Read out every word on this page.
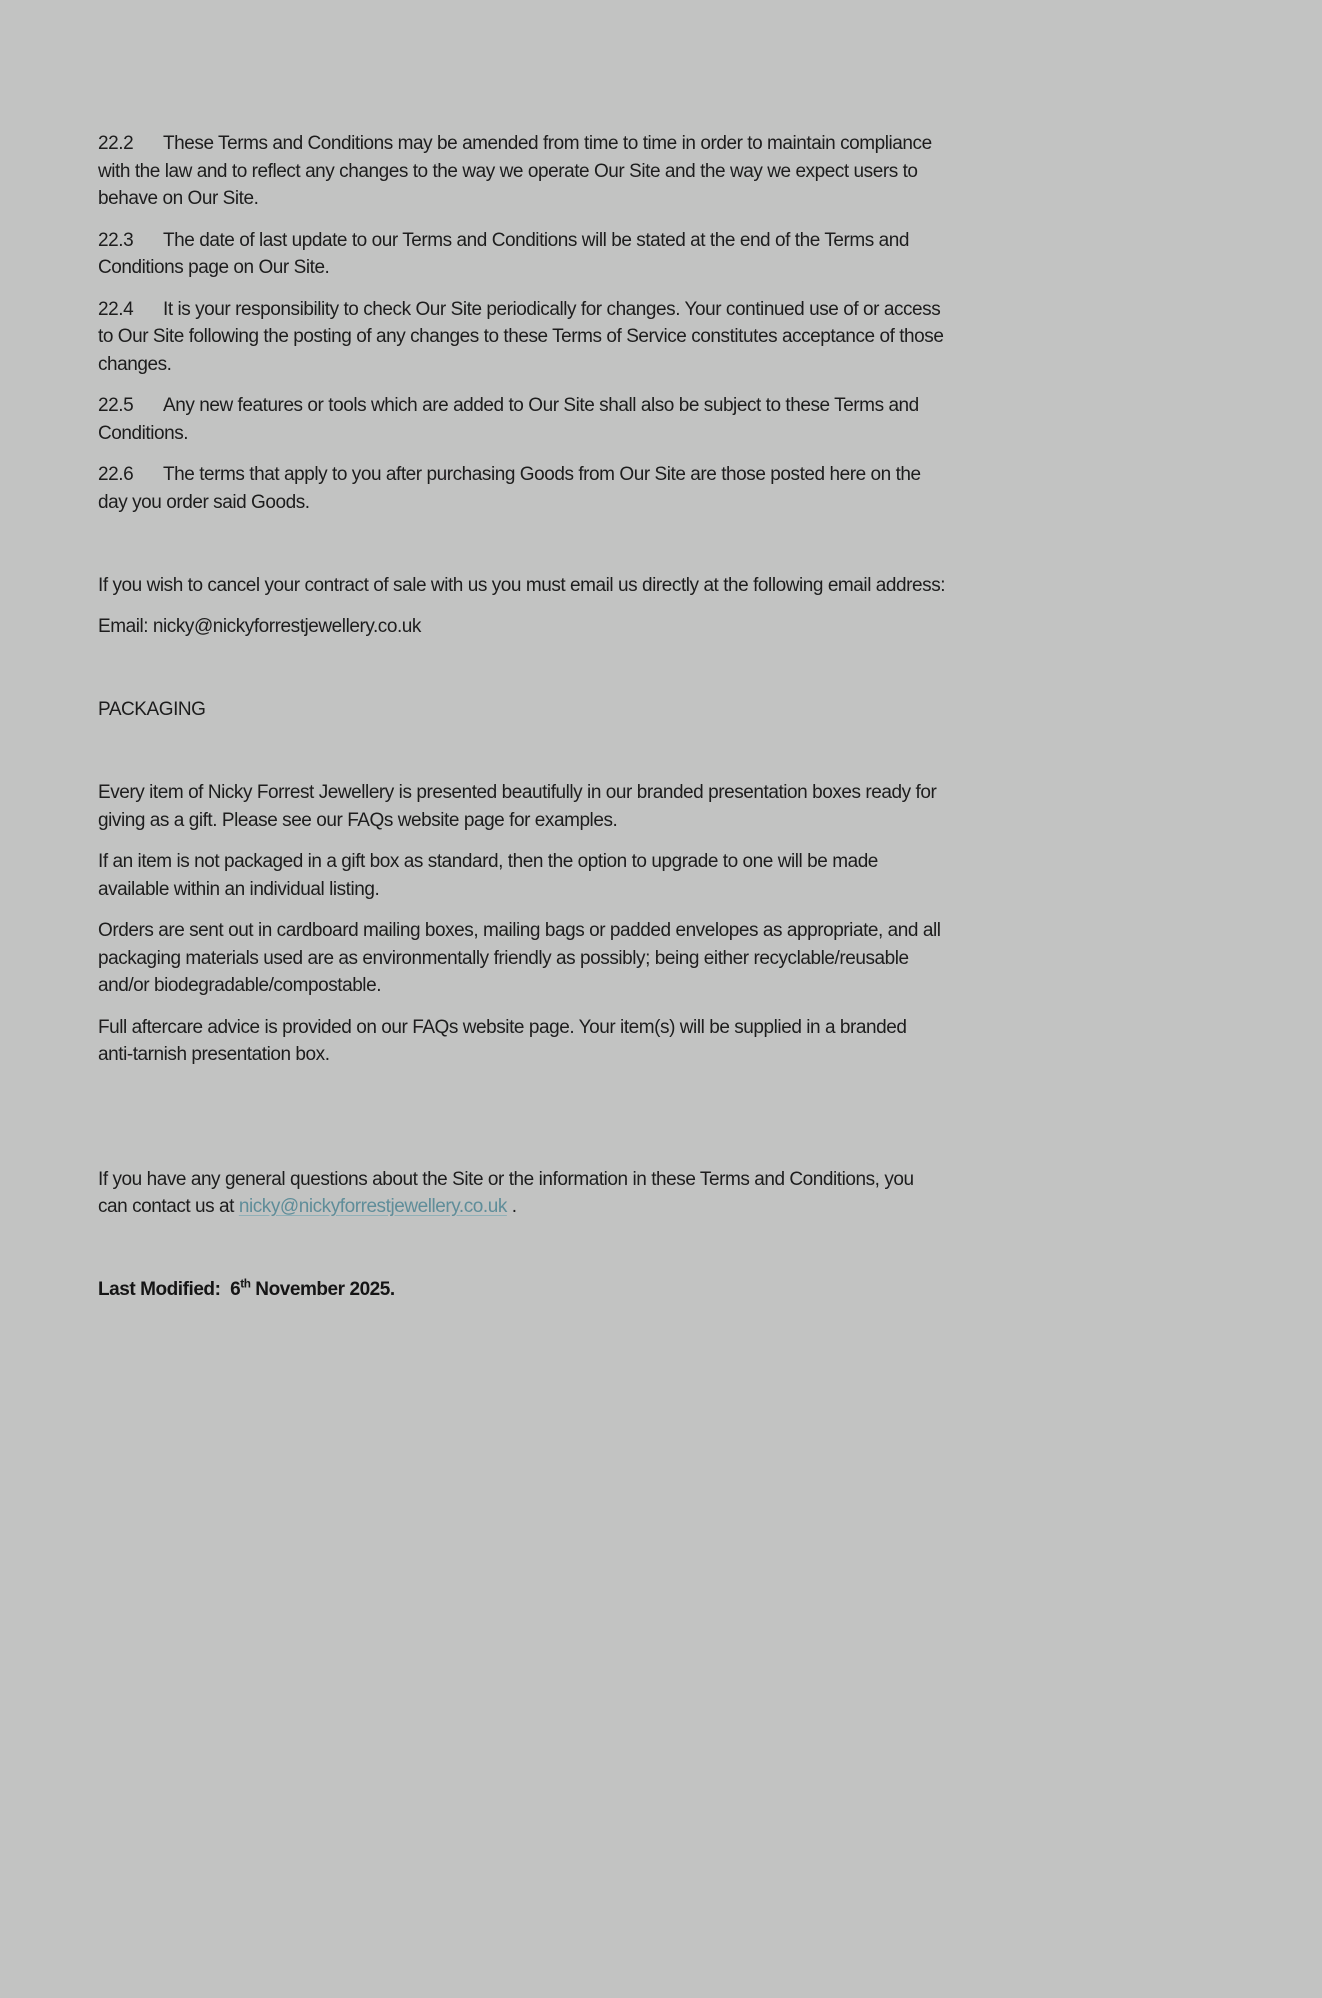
22.2 These Terms and Conditions may be amended from time to time in order to maintain compliance with the law and to reflect any changes to the way we operate Our Site and the way we expect users to behave on Our Site.

22.3 The date of last update to our Terms and Conditions will be stated at the end of the Terms and Conditions page on Our Site.

22.4 It is your responsibility to check Our Site periodically for changes. Your continued use of or access to Our Site following the posting of any changes to these Terms of Service constitutes acceptance of those changes.

22.5 Any new features or tools which are added to Our Site shall also be subject to these Terms and Conditions.

22.6 The terms that apply to you after purchasing Goods from Our Site are those posted here on the day you order said Goods.

If you wish to cancel your contract of sale with us you must email us directly at the following email address:

Email: nicky@nickyforrestjewellery.co.uk

PACKAGING

Every item of Nicky Forrest Jewellery is presented beautifully in our branded presentation boxes ready for giving as a gift. Please see our FAQs website page for examples.

If an item is not packaged in a gift box as standard, then the option to upgrade to one will be made available within an individual listing.

Orders are sent out in cardboard mailing boxes, mailing bags or padded envelopes as appropriate, and all packaging materials used are as environmentally friendly as possibly; being either recyclable/reusable and/or biodegradable/compostable.

Full aftercare advice is provided on our FAQs website page. Your item(s) will be supplied in a branded anti-tarnish presentation box.

If you have any general questions about the Site or the information in these Terms and Conditions, you can contact us at nicky@nickyforrestjewellery.co.uk .

Last Modified:  6th November 2025.
